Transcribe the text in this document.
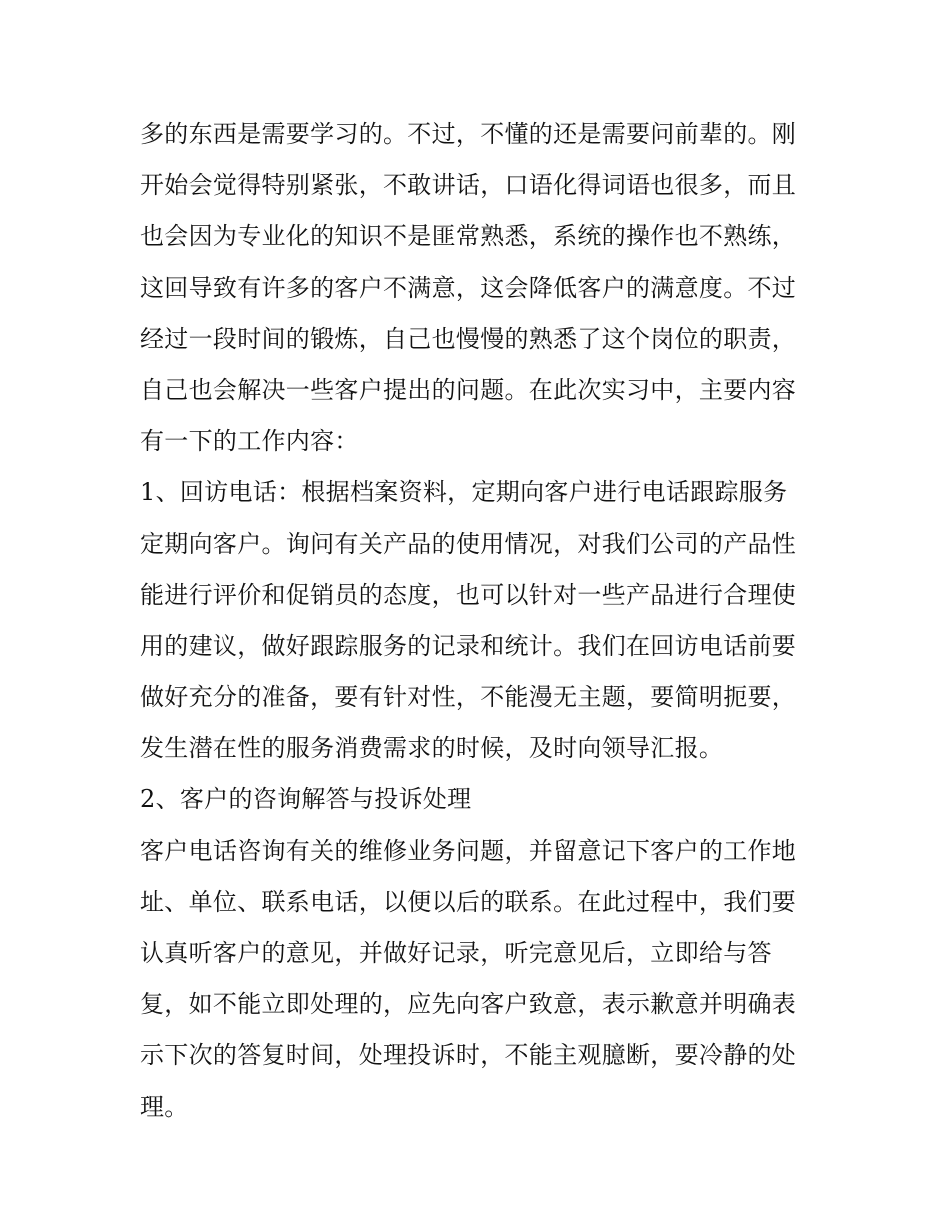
多的东西是需要学习的。不过，不懂的还是需要问前辈的。刚
开始会觉得特别紧张，不敢讲话，口语化得词语也很多，而且
也会因为专业化的知识不是匪常熟悉，系统的操作也不熟练，
这回导致有许多的客户不满意，这会降低客户的满意度。不过
经过一段时间的锻炼，自己也慢慢的熟悉了这个岗位的职责，
自己也会解决一些客户提出的问题。在此次实习中，主要内容
有一下的工作内容：
1、回访电话：根据档案资料，定期向客户进行电话跟踪服务
定期向客户。询问有关产品的使用情况，对我们公司的产品性
能进行评价和促销员的态度，也可以针对一些产品进行合理使
用的建议，做好跟踪服务的记录和统计。我们在回访电话前要
做好充分的准备，要有针对性，不能漫无主题，要简明扼要，
发生潜在性的服务消费需求的时候，及时向领导汇报。
2、客户的咨询解答与投诉处理
客户电话咨询有关的维修业务问题，并留意记下客户的工作地
址、单位、联系电话，以便以后的联系。在此过程中，我们要
认真听客户的意见，并做好记录，听完意见后，立即给与答
复，如不能立即处理的，应先向客户致意，表示歉意并明确表
示下次的答复时间，处理投诉时，不能主观臆断，要冷静的处
理。
